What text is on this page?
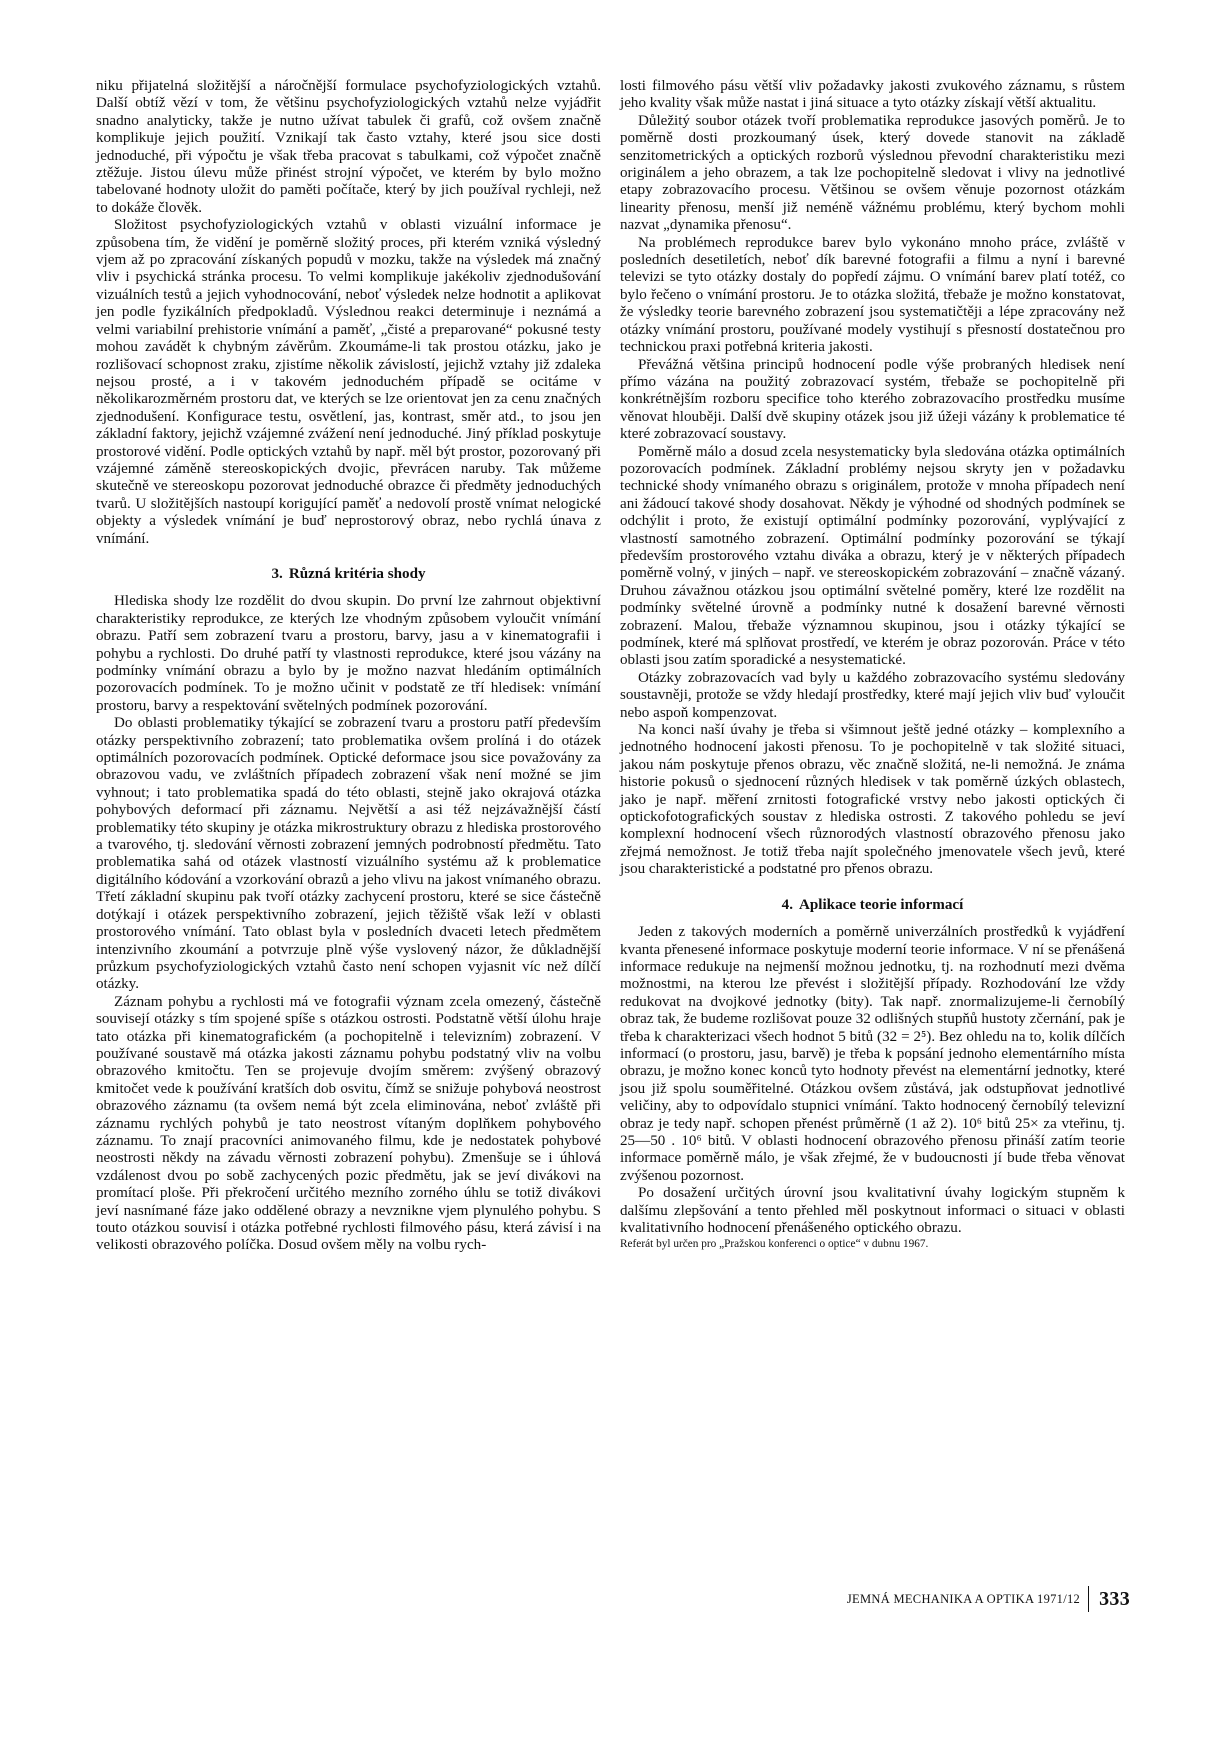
niku přijatelná složitější a náročnější formulace psychofyziologických vztahů. Další obtíž vězí v tom, že většinu psychofyziologických vztahů nelze vyjádřit snadno analyticky, takže je nutno užívat tabulek či grafů, což ovšem značně komplikuje jejich použití. Vznikají tak často vztahy, které jsou sice dosti jednoduché, při výpočtu je však třeba pracovat s tabulkami, což výpočet značně ztěžuje. Jistou úlevu může přinést strojní výpočet, ve kterém by bylo možno tabelované hodnoty uložit do paměti počítače, který by jich používal rychleji, než to dokáže člověk.

Složitost psychofyziologických vztahů v oblasti vizuální informace je způsobena tím, že vidění je poměrně složitý proces, při kterém vzniká výsledný vjem až po zpracování získaných popudů v mozku, takže na výsledek má značný vliv i psychická stránka procesu. To velmi komplikuje jakékoliv zjednodušování vizuálních testů a jejich vyhodnocování, neboť výsledek nelze hodnotit a aplikovat jen podle fyzikálních předpokladů. Výslednou reakci determinuje i neznámá a velmi variabilní prehistorie vnímání a paměť, „čisté a preparované“ pokusné testy mohou zavádět k chybným závěrům. Zkoumáme-li tak prostou otázku, jako je rozlišovací schopnost zraku, zjistíme několik závislostí, jejichž vztahy již zdaleka nejsou prosté, a i v takovém jednoduchém případě se ocitáme v několikarozměrném prostoru dat, ve kterých se lze orientovat jen za cenu značných zjednodušení. Konfigurace testu, osvětlení, jas, kontrast, směr atd., to jsou jen základní faktory, jejichž vzájemné zvážení není jednoduché. Jiný příklad poskytuje prostorové vidění. Podle optických vztahů by např. měl být prostor, pozorovaný při vzájemné záměně stereoskopických dvojic, převrácen naruby. Tak můžeme skutečně ve stereoskopu pozorovat jednoduché obrazce či předměty jednoduchých tvarů. U složitějších nastoupí korigující paměť a nedovolí prostě vnímat nelogické objekty a výsledek vnímání je buď neprostorový obraz, nebo rychlá únava z vnímání.

3. Různá kritéria shody

Hlediska shody lze rozdělit do dvou skupin. Do první lze zahrnout objektivní charakteristiky reprodukce, ze kterých lze vhodným způsobem vyloučit vnímání obrazu. Patří sem zobrazení tvaru a prostoru, barvy, jasu a v kinematografii i pohybu a rychlosti. Do druhé patří ty vlastnosti reprodukce, které jsou vázány na podmínky vnímání obrazu a bylo by je možno nazvat hledáním optimálních pozorovacích podmínek. To je možno učinit v podstatě ze tří hledisek: vnímání prostoru, barvy a respektování světelných podmínek pozorování.

Do oblasti problematiky týkající se zobrazení tvaru a prostoru patří především otázky perspektivního zobrazení; tato problematika ovšem prolíná i do otázek optimálních pozorovacích podmínek. Optické deformace jsou sice považovány za obrazovou vadu, ve zvláštních případech zobrazení však není možné se jim vyhnout; i tato problematika spadá do této oblasti, stejně jako okrajová otázka pohybových deformací při záznamu. Největší a asi též nejzávažnější částí problematiky této skupiny je otázka mikrostruktury obrazu z hlediska prostorového a tvarového, tj. sledování věrnosti zobrazení jemných podrobností předmětu. Tato problematika sahá od otázek vlastností vizuálního systému až k problematice digitálního kódování a vzorkování obrazů a jeho vlivu na jakost vnímaného obrazu. Třetí základní skupinu pak tvoří otázky zachycení prostoru, které se sice částečně dotýkají i otázek perspektivního zobrazení, jejich těžiště však leží v oblasti prostorového vnímání. Tato oblast byla v posledních dvaceti letech předmětem intenzivního zkoumání a potvrzuje plně výše vyslovený názor, že důkladnější průzkum psychofyziologických vztahů často není schopen vyjasnit víc než dílčí otázky.

Záznam pohybu a rychlosti má ve fotografii význam zcela omezený, částečně souvisejí otázky s tím spojené spíše s otázkou ostrosti. Podstatně větší úlohu hraje tato otázka při kinematografickém (a pochopitelně i televizním) zobrazení. V používané soustavě má otázka jakosti záznamu pohybu podstatný vliv na volbu obrazového kmitočtu. Ten se projevuje dvojím směrem: zvýšený obrazový kmitočet vede k používání kratších dob osvitu, čímž se snižuje pohybová neostrost obrazového záznamu (ta ovšem nemá být zcela eliminována, neboť zvláště při záznamu rychlých pohybů je tato neostrost vítaným doplňkem pohybového záznamu. To znají pracovníci animovaného filmu, kde je nedostatek pohybové neostrosti někdy na závadu věrnosti zobrazení pohybu). Zmenšuje se i úhlová vzdálenost dvou po sobě zachycených pozic předmětu, jak se jeví divákovi na promítací ploše. Při překročení určitého mezního zorného úhlu se totiž divákovi jeví nasnímané fáze jako oddělené obrazy a nevznikne vjem plynulého pohybu. S touto otázkou souvisí i otázka potřebné rychlosti filmového pásu, která závisí i na velikosti obrazového políčka. Dosud ovšem měly na volbu rych-

losti filmového pásu větší vliv požadavky jakosti zvukového záznamu, s růstem jeho kvality však může nastat i jiná situace a tyto otázky získají větší aktualitu.

Důležitý soubor otázek tvoří problematika reprodukce jasových poměrů. Je to poměrně dosti prozkoumaný úsek, který dovede stanovit na základě senzitometrických a optických rozborů výslednou převodní charakteristiku mezi originálem a jeho obrazem, a tak lze pochopitelně sledovat i vlivy na jednotlivé etapy zobrazovacího procesu. Většinou se ovšem věnuje pozornost otázkám linearity přenosu, menší již neméně vážnému problému, který bychom mohli nazvat „dynamika přenosu“.

Na problémech reprodukce barev bylo vykonáno mnoho práce, zvláště v posledních desetiletích, neboť dík barevné fotografii a filmu a nyní i barevné televizi se tyto otázky dostaly do popředí zájmu. O vnímání barev platí totéž, co bylo řečeno o vnímání prostoru. Je to otázka složitá, třebaže je možno konstatovat, že výsledky teorie barevného zobrazení jsou systematičtěji a lépe zpracovány než otázky vnímání prostoru, používané modely vystihují s přesností dostatečnou pro technickou praxi potřebná kriteria jakosti.

Převážná většina principů hodnocení podle výše probraných hledisek není přímo vázána na použitý zobrazovací systém, třebaže se pochopitelně při konkrétnějším rozboru specifice toho kterého zobrazovacího prostředku musíme věnovat hlouběji. Další dvě skupiny otázek jsou již úžeji vázány k problematice té které zobrazovací soustavy.

Poměrně málo a dosud zcela nesystematicky byla sledována otázka optimálních pozorovacích podmínek. Základní problémy nejsou skryty jen v požadavku technické shody vnímaného obrazu s originálem, protože v mnoha případech není ani žádoucí takové shody dosahovat. Někdy je výhodné od shodných podmínek se odchýlit i proto, že existují optimální podmínky pozorování, vyplývající z vlastností samotného zobrazení. Optimální podmínky pozorování se týkají především prostorového vztahu diváka a obrazu, který je v některých případech poměrně volný, v jiných – např. ve stereoskopickém zobrazování – značně vázaný. Druhou závažnou otázkou jsou optimální světelné poměry, které lze rozdělit na podmínky světelné úrovně a podmínky nutné k dosažení barevné věrnosti zobrazení. Malou, třebaže významnou skupinou, jsou i otázky týkající se podmínek, které má splňovat prostředí, ve kterém je obraz pozorován. Práce v této oblasti jsou zatím sporadické a nesystematické.

Otázky zobrazovacích vad byly u každého zobrazovacího systému sledovány soustavněji, protože se vždy hledají prostředky, které mají jejich vliv buď vyloučit nebo aspoň kompenzovat.

Na konci naší úvahy je třeba si všimnout ještě jedné otázky – komplexního a jednotného hodnocení jakosti přenosu. To je pochopitelně v tak složité situaci, jakou nám poskytuje přenos obrazu, věc značně složitá, ne-li nemožná. Je známa historie pokusů o sjednocení různých hledisek v tak poměrně úzkých oblastech, jako je např. měření zrnitosti fotografické vrstvy nebo jakosti optických či optickofotografických soustav z hlediska ostrosti. Z takového pohledu se jeví komplexní hodnocení všech různorodých vlastností obrazového přenosu jako zřejmá nemožnost. Je totiž třeba najít společného jmenovatele všech jevů, které jsou charakteristické a podstatné pro přenos obrazu.

4. Aplikace teorie informací

Jeden z takových moderních a poměrně univerzálních prostředků k vyjádření kvanta přenesené informace poskytuje moderní teorie informace. V ní se přenášená informace redukuje na nejmenší možnou jednotku, tj. na rozhodnutí mezi dvěma možnostmi, na kterou lze převést i složitější případy. Rozhodování lze vždy redukovat na dvojkové jednotky (bity). Tak např. znormalizujeme-li černobílý obraz tak, že budeme rozlišovat pouze 32 odlišných stupňů hustoty zčernání, pak je třeba k charakterizaci všech hodnot 5 bitů (32 = 2⁵). Bez ohledu na to, kolik dílčích informací (o prostoru, jasu, barvě) je třeba k popsání jednoho elementárního místa obrazu, je možno konec konců tyto hodnoty převést na elementární jednotky, které jsou již spolu souměřitelné. Otázkou ovšem zůstává, jak odstupňovat jednotlivé veličiny, aby to odpovídalo stupnici vnímání. Takto hodnocený černobílý televizní obraz je tedy např. schopen přenést průměrně (1 až 2). 10⁶ bitů 25× za vteřinu, tj. 25—50 . 10⁶ bitů. V oblasti hodnocení obrazového přenosu přináší zatím teorie informace poměrně málo, je však zřejmé, že v budoucnosti jí bude třeba věnovat zvýšenou pozornost.

Po dosažení určitých úrovní jsou kvalitativní úvahy logickým stupněm k dalšímu zlepšování a tento přehled měl poskytnout informaci o situaci v oblasti kvalitativního hodnocení přenášeného optického obrazu.

Referát byl určen pro „Pražskou konferenci o optice“ v dubnu 1967.

JEMNÁ MECHANIKA A OPTIKA 1971/12 333
